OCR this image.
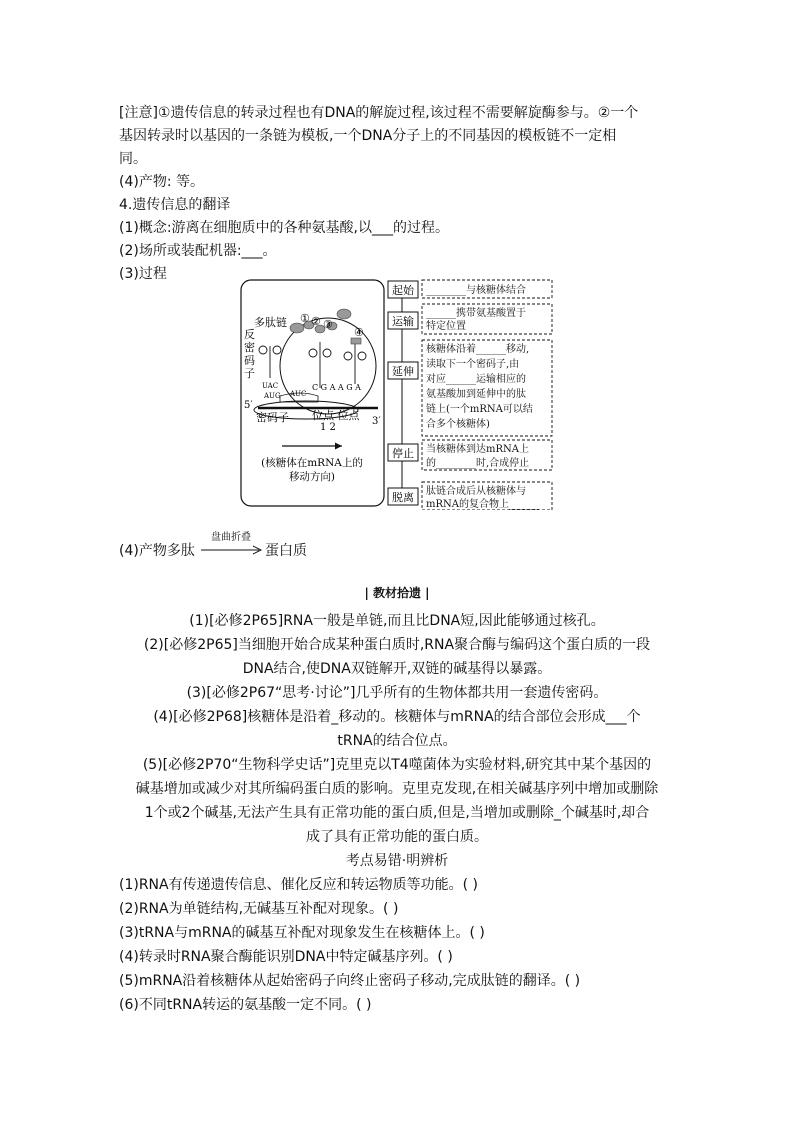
[注意]①遗传信息的转录过程也有DNA的解旋过程,该过程不需要解旋酶参与。②一个
基因转录时以基因的一条链为模板,一个DNA分子上的不同基因的模板链不一定相
同。
(4)产物: 等。
4.遗传信息的翻译
(1)概念:游离在细胞质中的各种氨基酸,以___的过程。
(2)场所或装配机器:___。
(3)过程
多肽链
反
密
码
子
① ② ③
④
UAC
AUG AUC
C G A A G A
5′
3′
密码子 位点 位点
1 2
(核糖体在mRNA上的
移动方向)
起始
运输
延伸
停止
脱离
________与核糖体结合
______携带氨基酸置于
特定位置
核糖体沿着______移动,
读取下一个密码子,由
对应______运输相应的
氨基酸加到延伸中的肽
链上(一个mRNA可以结
合多个核糖体)
当核糖体到达mRNA上
的________时,合成停止
肽链合成后从核糖体与
mRNA的复合物上______
(4)产物多肽
盘曲折叠
蛋白质
| 教材拾遗 |
(1)[必修2P65]RNA一般是单链,而且比DNA短,因此能够通过核孔。
(2)[必修2P65]当细胞开始合成某种蛋白质时,RNA聚合酶与编码这个蛋白质的一段
DNA结合,使DNA双链解开,双链的碱基得以暴露。
(3)[必修2P67“思考·讨论”]几乎所有的生物体都共用一套遗传密码。
(4)[必修2P68]核糖体是沿着_移动的。核糖体与mRNA的结合部位会形成___个
tRNA的结合位点。
(5)[必修2P70“生物科学史话”]克里克以T4噬菌体为实验材料,研究其中某个基因的
碱基增加或减少对其所编码蛋白质的影响。克里克发现,在相关碱基序列中增加或删除
1个或2个碱基,无法产生具有正常功能的蛋白质,但是,当增加或删除_个碱基时,却合
成了具有正常功能的蛋白质。
考点易错·明辨析
(1)RNA有传递遗传信息、催化反应和转运物质等功能。( )
(2)RNA为单链结构,无碱基互补配对现象。( )
(3)tRNA与mRNA的碱基互补配对现象发生在核糖体上。( )
(4)转录时RNA聚合酶能识别DNA中特定碱基序列。( )
(5)mRNA沿着核糖体从起始密码子向终止密码子移动,完成肽链的翻译。( )
(6)不同tRNA转运的氨基酸一定不同。( )
